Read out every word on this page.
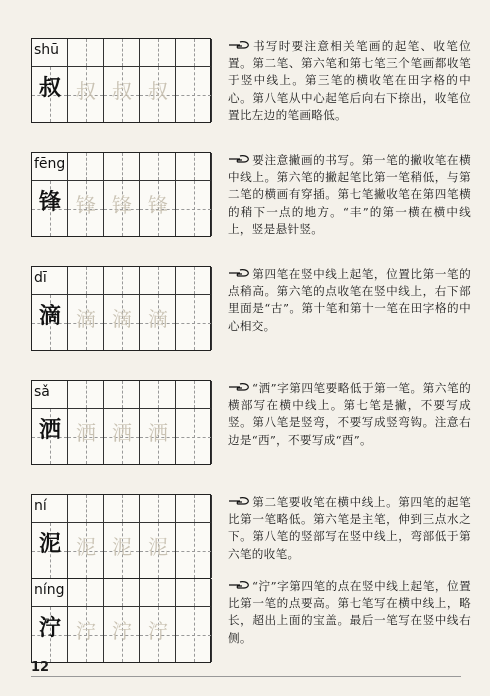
shū
叔 叔 叔 叔
书写时要注意相关笔画的起笔、收笔位置。第二笔、第六笔和第七笔三个笔画都收笔于竖中线上。第三笔的横收笔在田字格的中心。第八笔从中心起笔后向右下捺出，收笔位置比左边的笔画略低。
fēng
锋 锋 锋 锋
要注意撇画的书写。第一笔的撇收笔在横中线上。第六笔的撇起笔比第一笔稍低，与第二笔的横画有穿插。第七笔撇收笔在第四笔横的稍下一点的地方。“丰”的第一横在横中线上，竖是悬针竖。
dī
滴 滴 滴 滴
第四笔在竖中线上起笔，位置比第一笔的点稍高。第六笔的点收笔在竖中线上，右下部里面是“古”。第十笔和第十一笔在田字格的中心相交。
sǎ
洒 洒 洒 洒
“洒”字第四笔要略低于第一笔。第六笔的横部写在横中线上。第七笔是撇，不要写成竖。第八笔是竖弯，不要写成竖弯钩。注意右边是“西”，不要写成“酉”。
ní
泥 泥 泥 泥
第二笔要收笔在横中线上。第四笔的起笔比第一笔略低。第六笔是主笔，伸到三点水之下。第八笔的竖部写在竖中线上，弯部低于第六笔的收笔。
níng
泞 泞 泞 泞
“泞”字第四笔的点在竖中线上起笔，位置比第一笔的点要高。第七笔写在横中线上，略长，超出上面的宝盖。最后一笔写在竖中线右侧。
12
